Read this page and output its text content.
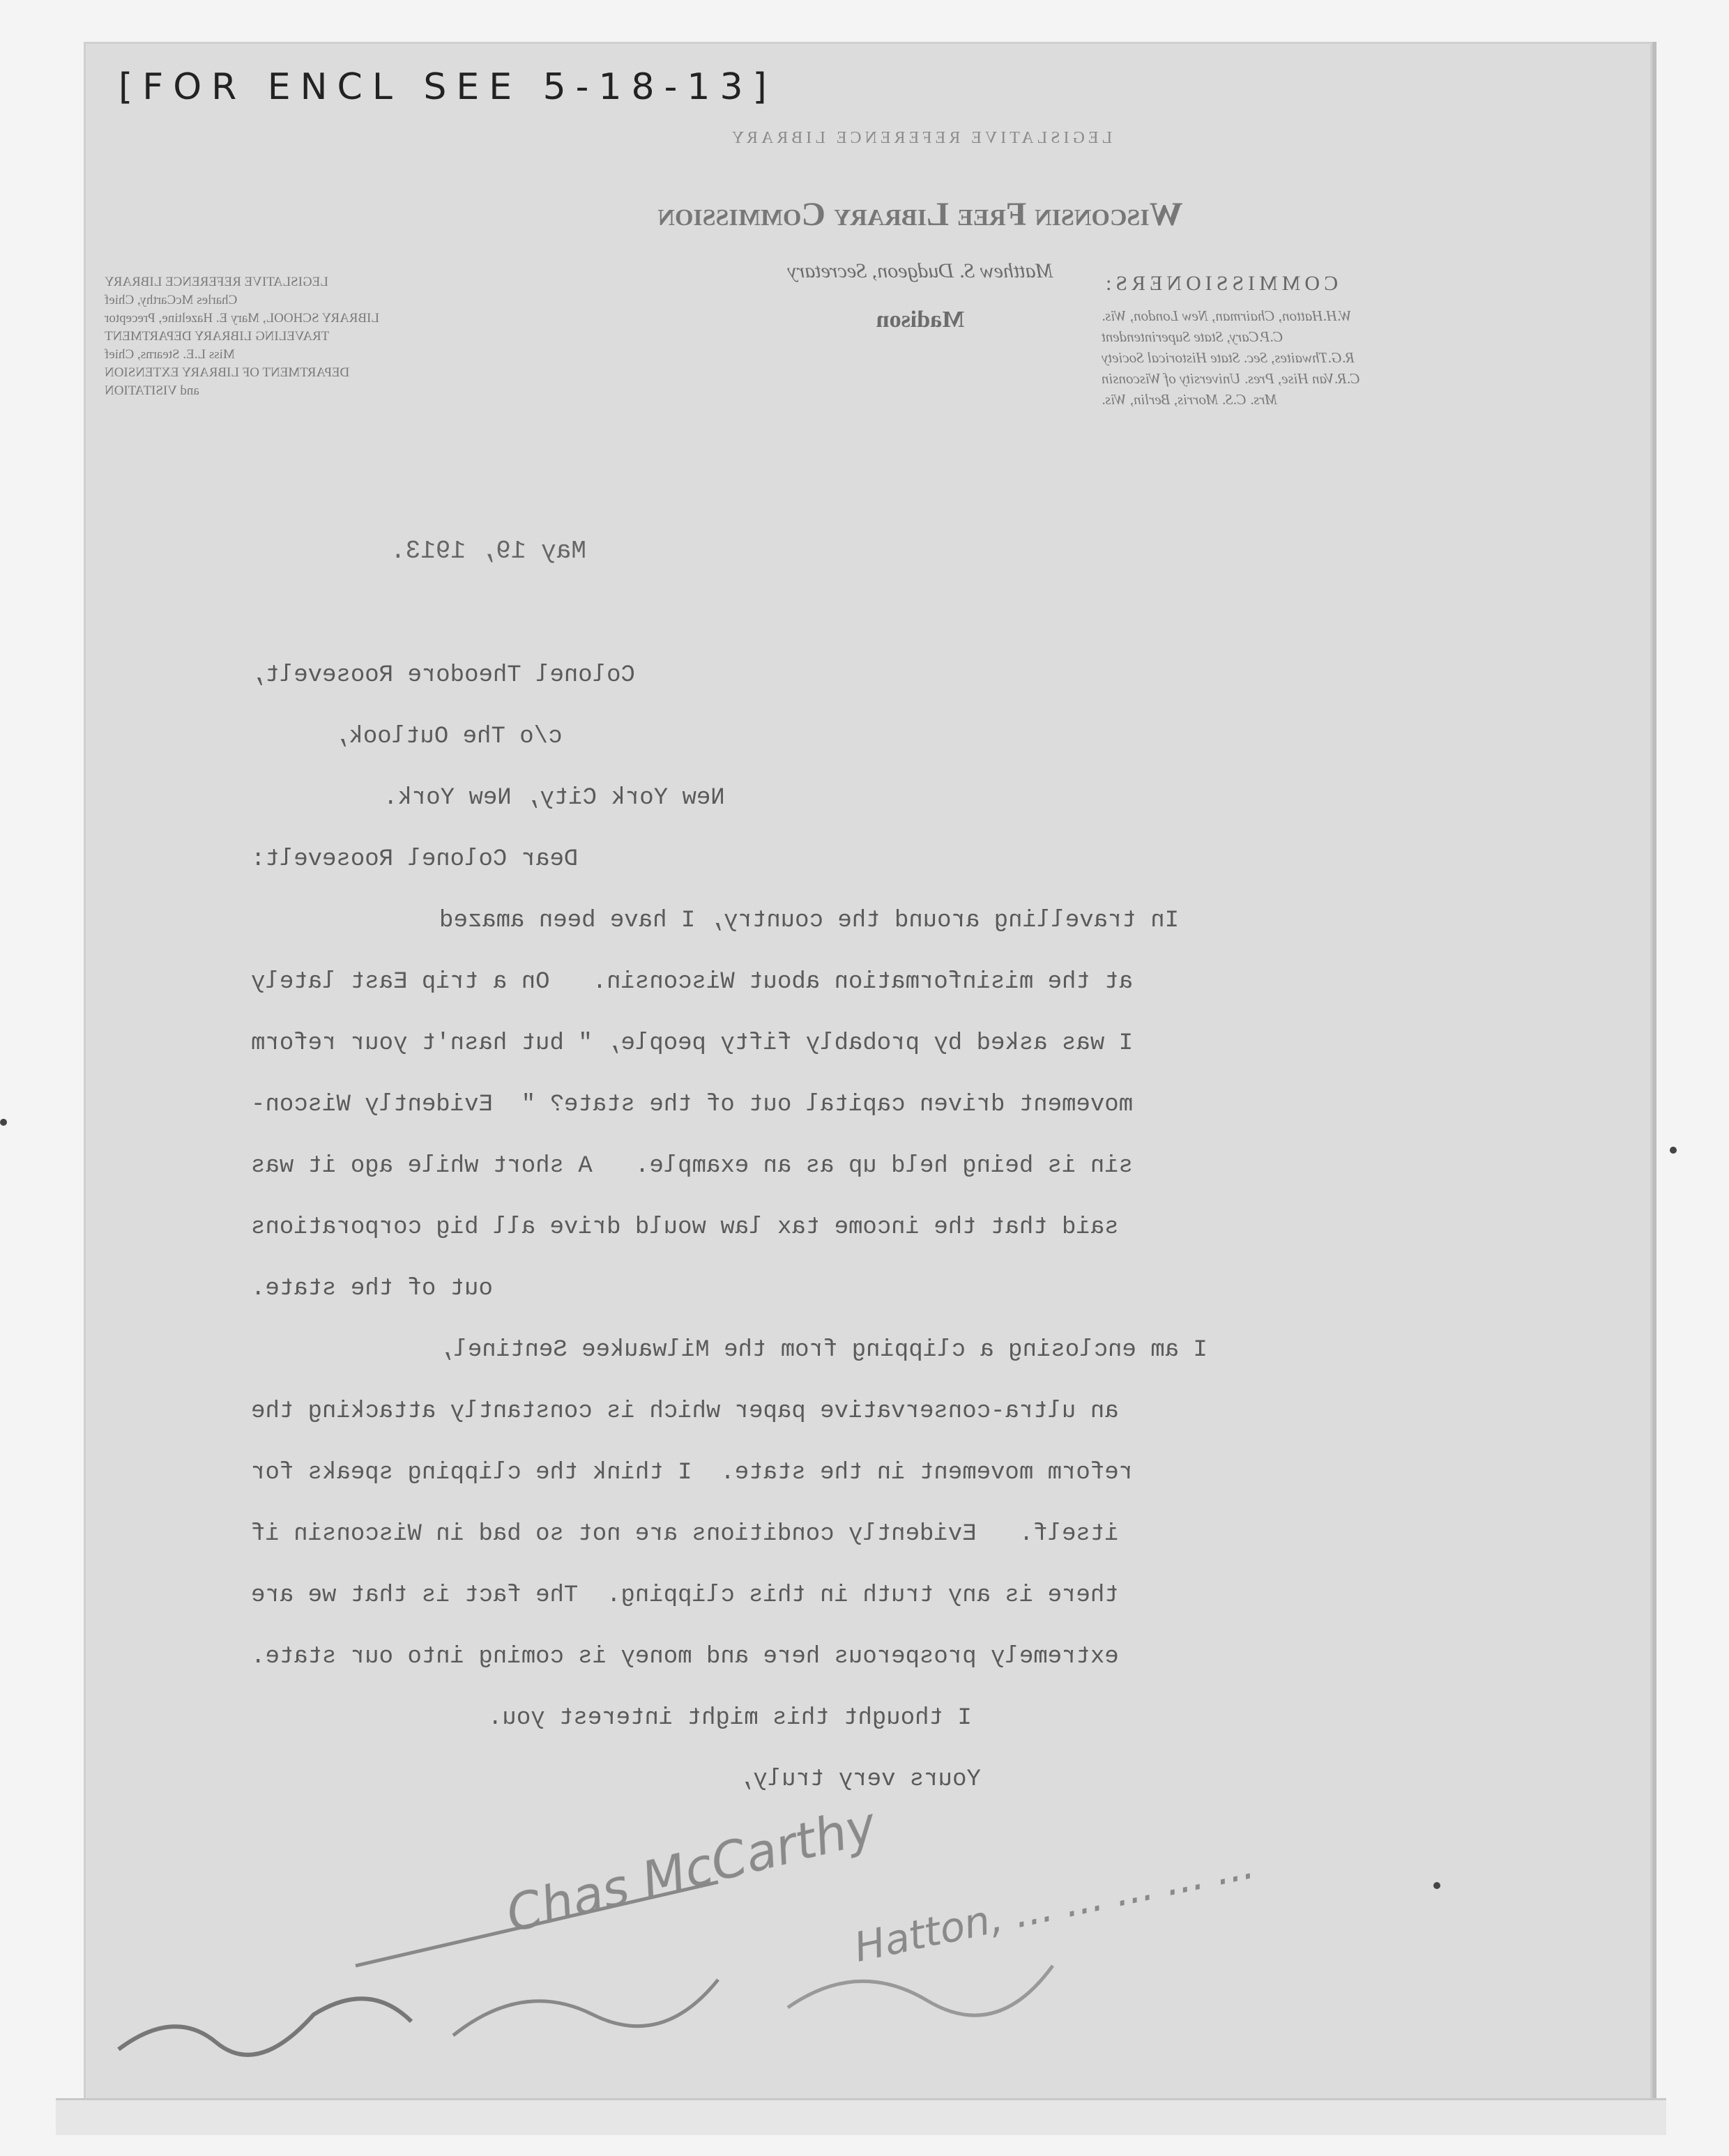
[FOR ENCL SEE 5-18-13]
LEGISLATIVE REFERENCE LIBRARY
Wisconsin Free Library Commission
Matthew S. Dudgeon, Secretary
Madison
COMMISSIONERS:
W.H.Hatton, Chairman, New London, Wis.
C.P.Cary, State Superintendent
R.G.Thwaites, Sec. State Historical Society
C.R.Van Hise, Pres. University of Wisconsin
Mrs. C.S. Morris, Berlin, Wis.
LEGISLATIVE REFERENCE LIBRARY
Charles McCarthy, Chief
LIBRARY SCHOOL, Mary E. Hazeltine, Preceptor
TRAVELING LIBRARY DEPARTMENT
Miss L.E. Stearns, Chief
DEPARTMENT OF LIBRARY EXTENSION
and VISITATION
May 19, 1913.
Colonel Theodore Roosevelt,
c/o The Outlook,
New York City, New York.
Dear Colonel Roosevelt:
In travelling around the country, I have been amazed
at the misinformation about Wisconsin.   On a trip East lately
I was asked by probably fifty people, " but hasn't your reform
movement driven capital out of the state? "  Evidently Wiscon-
sin is being held up as an example.   A short while ago it was
said that the income tax law would drive all big corporations
out of the state.
I am enclosing a clipping from the Milwaukee Sentinel,
an ultra-conservative paper which is constantly attacking the
reform movement in the state.  I think the clipping speaks for
itself.   Evidently conditions are not so bad in Wisconsin if
there is any truth in this clipping.  The fact is that we are
extremely prosperous here and money is coming into our state.
I thought this might interest you.
Yours very truly,
Chas McCarthy
Hatton, ... ... ... ... ...
